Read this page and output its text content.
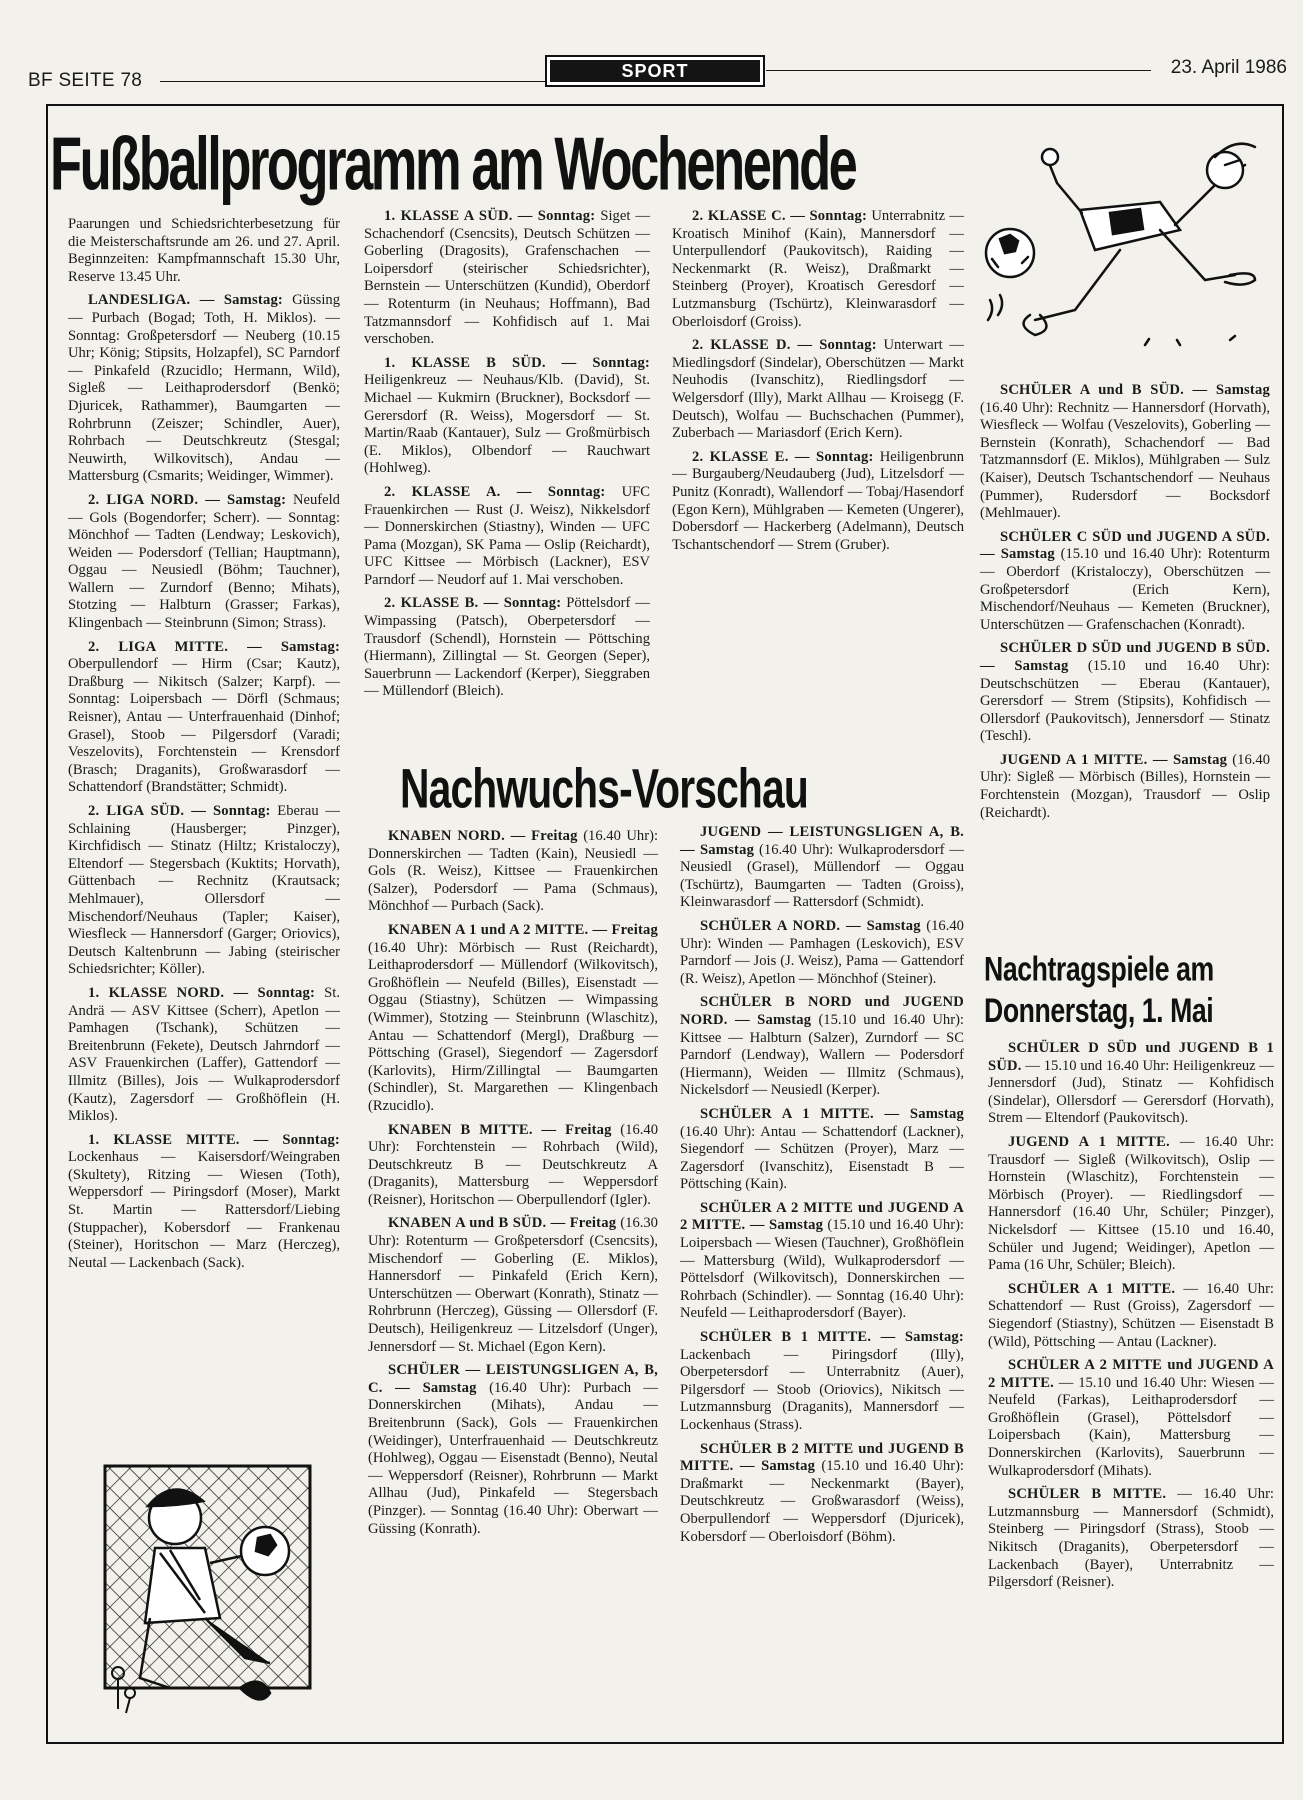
BF SEITE 78	SPORT	23. April 1986
Fußballprogramm am Wochenende

Paarungen und Schiedsrichterbesetzung für die Meisterschaftsrunde am 26. und 27. April. Beginnzeiten: Kampfmannschaft 15.30 Uhr, Reserve 13.45 Uhr.

LANDESLIGA. — Samstag: Güssing — Purbach (Bogad; Toth, H. Miklos). — Sonntag: Großpetersdorf — Neuberg (10.15 Uhr; König; Stipsits, Holzapfel), SC Parndorf — Pinkafeld (Rzucidlo; Hermann, Wild), Sigleß — Leithaprodersdorf (Benkö; Djuricek, Rathammer), Baumgarten — Rohrbrunn (Zeiszer; Schindler, Auer), Rohrbach — Deutschkreutz (Stesgal; Neuwirth, Wilkovitsch), Andau — Mattersburg (Csmarits; Weidinger, Wimmer).

2. LIGA NORD. — Samstag: Neufeld — Gols (Bogendorfer; Scherr). — Sonntag: Mönchhof — Tadten (Lendway; Leskovich), Weiden — Podersdorf (Tellian; Hauptmann), Oggau — Neusiedl (Böhm; Tauchner), Wallern — Zurndorf (Benno; Mihats), Stotzing — Halbturn (Grasser; Farkas), Klingenbach — Steinbrunn (Simon; Strass).

2. LIGA MITTE. — Samstag: Oberpullendorf — Hirm (Csar; Kautz), Draßburg — Nikitsch (Salzer; Karpf). — Sonntag: Loipersbach — Dörfl (Schmaus; Reisner), Antau — Unterfrauenhaid (Dinhof; Grasel), Stoob — Pilgersdorf (Varadi; Veszelovits), Forchtenstein — Krensdorf (Brasch; Draganits), Großwarasdorf — Schattendorf (Brandstätter; Schmidt).

2. LIGA SÜD. — Sonntag: Eberau — Schlaining (Hausberger; Pinzger), Kirchfidisch — Stinatz (Hiltz; Kristaloczy), Eltendorf — Stegersbach (Kuktits; Horvath), Güttenbach — Rechnitz (Krautsack; Mehlmauer), Ollersdorf — Mischendorf/Neuhaus (Tapler; Kaiser), Wiesfleck — Hannersdorf (Garger; Oriovics), Deutsch Kaltenbrunn — Jabing (steirischer Schiedsrichter; Köller).

1. KLASSE NORD. — Sonntag: St. Andrä — ASV Kittsee (Scherr), Apetlon — Pamhagen (Tschank), Schützen — Breitenbrunn (Fekete), Deutsch Jahrndorf — ASV Frauenkirchen (Laffer), Gattendorf — Illmitz (Billes), Jois — Wulkaprodersdorf (Kautz), Zagersdorf — Großhöflein (H. Miklos).

1. KLASSE MITTE. — Sonntag: Lockenhaus — Kaisersdorf/Weingraben (Skultety), Ritzing — Wiesen (Toth), Weppersdorf — Piringsdorf (Moser), Markt St. Martin — Rattersdorf/Liebing (Stuppacher), Kobersdorf — Frankenau (Steiner), Horitschon — Marz (Herczeg), Neutal — Lackenbach (Sack).

1. KLASSE A SÜD. — Sonntag: Siget — Schachendorf (Csencsits), Deutsch Schützen — Goberling (Dragosits), Grafenschachen — Loipersdorf (steirischer Schiedsrichter), Bernstein — Unterschützen (Kundid), Oberdorf — Rotenturm (in Neuhaus; Hoffmann), Bad Tatzmannsdorf — Kohfidisch auf 1. Mai verschoben.

1. KLASSE B SÜD. — Sonntag: Heiligenkreuz — Neuhaus/Klb. (David), St. Michael — Kukmirn (Bruckner), Bocksdorf — Gerersdorf (R. Weiss), Mogersdorf — St. Martin/Raab (Kantauer), Sulz — Großmürbisch (E. Miklos), Olbendorf — Rauchwart (Hohlweg).

2. KLASSE A. — Sonntag: UFC Frauenkirchen — Rust (J. Weisz), Nikkelsdorf — Donnerskirchen (Stiastny), Winden — UFC Pama (Mozgan), SK Pama — Oslip (Reichardt), UFC Kittsee — Mörbisch (Lackner), ESV Parndorf — Neudorf auf 1. Mai verschoben.

2. KLASSE B. — Sonntag: Pöttelsdorf — Wimpassing (Patsch), Oberpetersdorf — Trausdorf (Schendl), Hornstein — Pöttsching (Hiermann), Zillingtal — St. Georgen (Seper), Sauerbrunn — Lackendorf (Kerper), Sieggraben — Müllendorf (Bleich).

2. KLASSE C. — Sonntag: Unterrabnitz — Kroatisch Minihof (Kain), Mannersdorf — Unterpullendorf (Paukovitsch), Raiding — Neckenmarkt (R. Weisz), Draßmarkt — Steinberg (Proyer), Kroatisch Geresdorf — Lutzmansburg (Tschürtz), Kleinwarasdorf — Oberloisdorf (Groiss).

2. KLASSE D. — Sonntag: Unterwart — Miedlingsdorf (Sindelar), Oberschützen — Markt Neuhodis (Ivanschitz), Riedlingsdorf — Welgersdorf (Illy), Markt Allhau — Kroisegg (F. Deutsch), Wolfau — Buchschachen (Pummer), Zuberbach — Mariasdorf (Erich Kern).

2. KLASSE E. — Sonntag: Heiligenbrunn — Burgauberg/Neudauberg (Jud), Litzelsdorf — Punitz (Konradt), Wallendorf — Tobaj/Hasendorf (Egon Kern), Mühlgraben — Kemeten (Ungerer), Dobersdorf — Hackerberg (Adelmann), Deutsch Tschantschendorf — Strem (Gruber).

SCHÜLER A und B SÜD. — Samstag (16.40 Uhr): Rechnitz — Hannersdorf (Horvath), Wiesfleck — Wolfau (Veszelovits), Goberling — Bernstein (Konrath), Schachendorf — Bad Tatzmannsdorf (E. Miklos), Mühlgraben — Sulz (Kaiser), Deutsch Tschantschendorf — Neuhaus (Pummer), Rudersdorf — Bocksdorf (Mehlmauer).

SCHÜLER C SÜD und JUGEND A SÜD. — Samstag (15.10 und 16.40 Uhr): Rotenturm — Oberdorf (Kristaloczy), Oberschützen — Großpetersdorf (Erich Kern), Mischendorf/Neuhaus — Kemeten (Bruckner), Unterschützen — Grafenschachen (Konradt).

SCHÜLER D SÜD und JUGEND B SÜD. — Samstag (15.10 und 16.40 Uhr): Deutschschützen — Eberau (Kantauer), Gerersdorf — Strem (Stipsits), Kohfidisch — Ollersdorf (Paukovitsch), Jennersdorf — Stinatz (Teschl).

JUGEND A 1 MITTE. — Samstag (16.40 Uhr): Sigleß — Mörbisch (Billes), Hornstein — Forchtenstein (Mozgan), Trausdorf — Oslip (Reichardt).

Nachwuchs-Vorschau

KNABEN NORD. — Freitag (16.40 Uhr): Donnerskirchen — Tadten (Kain), Neusiedl — Gols (R. Weisz), Kittsee — Frauenkirchen (Salzer), Podersdorf — Pama (Schmaus), Mönchhof — Purbach (Sack).

KNABEN A 1 und A 2 MITTE. — Freitag (16.40 Uhr): Mörbisch — Rust (Reichardt), Leithaprodersdorf — Müllendorf (Wilkovitsch), Großhöflein — Neufeld (Billes), Eisenstadt — Oggau (Stiastny), Schützen — Wimpassing (Wimmer), Stotzing — Steinbrunn (Wlaschitz), Antau — Schattendorf (Mergl), Draßburg — Pöttsching (Grasel), Siegendorf — Zagersdorf (Karlovits), Hirm/Zillingtal — Baumgarten (Schindler), St. Margarethen — Klingenbach (Rzucidlo).

KNABEN B MITTE. — Freitag (16.40 Uhr): Forchtenstein — Rohrbach (Wild), Deutschkreutz B — Deutschkreutz A (Draganits), Mattersburg — Weppersdorf (Reisner), Horitschon — Oberpullendorf (Igler).

KNABEN A und B SÜD. — Freitag (16.30 Uhr): Rotenturm — Großpetersdorf (Csencsits), Mischendorf — Goberling (E. Miklos), Hannersdorf — Pinkafeld (Erich Kern), Unterschützen — Oberwart (Konrath), Stinatz — Rohrbrunn (Herczeg), Güssing — Ollersdorf (F. Deutsch), Heiligenkreuz — Litzelsdorf (Unger), Jennersdorf — St. Michael (Egon Kern).

SCHÜLER — LEISTUNGSLIGEN A, B, C. — Samstag (16.40 Uhr): Purbach — Donnerskirchen (Mihats), Andau — Breitenbrunn (Sack), Gols — Frauenkirchen (Weidinger), Unterfrauenhaid — Deutschkreutz (Hohlweg), Oggau — Eisenstadt (Benno), Neutal — Weppersdorf (Reisner), Rohrbrunn — Markt Allhau (Jud), Pinkafeld — Stegersbach (Pinzger). — Sonntag (16.40 Uhr): Oberwart — Güssing (Konrath).

JUGEND — LEISTUNGSLIGEN A, B. — Samstag (16.40 Uhr): Wulkaprodersdorf — Neusiedl (Grasel), Müllendorf — Oggau (Tschürtz), Baumgarten — Tadten (Groiss), Kleinwarasdorf — Rattersdorf (Schmidt).

SCHÜLER A NORD. — Samstag (16.40 Uhr): Winden — Pamhagen (Leskovich), ESV Parndorf — Jois (J. Weisz), Pama — Gattendorf (R. Weisz), Apetlon — Mönchhof (Steiner).

SCHÜLER B NORD und JUGEND NORD. — Samstag (15.10 und 16.40 Uhr): Kittsee — Halbturn (Salzer), Zurndorf — SC Parndorf (Lendway), Wallern — Podersdorf (Hiermann), Weiden — Illmitz (Schmaus), Nickelsdorf — Neusiedl (Kerper).

SCHÜLER A 1 MITTE. — Samstag (16.40 Uhr): Antau — Schattendorf (Lackner), Siegendorf — Schützen (Proyer), Marz — Zagersdorf (Ivanschitz), Eisenstadt B — Pöttsching (Kain).

SCHÜLER A 2 MITTE und JUGEND A 2 MITTE. — Samstag (15.10 und 16.40 Uhr): Loipersbach — Wiesen (Tauchner), Großhöflein — Mattersburg (Wild), Wulkaprodersdorf — Pöttelsdorf (Wilkovitsch), Donnerskirchen — Rohrbach (Schindler). — Sonntag (16.40 Uhr): Neufeld — Leithaprodersdorf (Bayer).

SCHÜLER B 1 MITTE. — Samstag: Lackenbach — Piringsdorf (Illy), Oberpetersdorf — Unterrabnitz (Auer), Pilgersdorf — Stoob (Oriovics), Nikitsch — Lutzmannsburg (Draganits), Mannersdorf — Lockenhaus (Strass).

SCHÜLER B 2 MITTE und JUGEND B MITTE. — Samstag (15.10 und 16.40 Uhr): Draßmarkt — Neckenmarkt (Bayer), Deutschkreutz — Großwarasdorf (Weiss), Oberpullendorf — Weppersdorf (Djuricek), Kobersdorf — Oberloisdorf (Böhm).

Nachtragspiele am Donnerstag, 1. Mai

SCHÜLER D SÜD und JUGEND B 1 SÜD. — 15.10 und 16.40 Uhr: Heiligenkreuz — Jennersdorf (Jud), Stinatz — Kohfidisch (Sindelar), Ollersdorf — Gerersdorf (Horvath), Strem — Eltendorf (Paukovitsch).

JUGEND A 1 MITTE. — 16.40 Uhr: Trausdorf — Sigleß (Wilkovitsch), Oslip — Hornstein (Wlaschitz), Forchtenstein — Mörbisch (Proyer). — Riedlingsdorf — Hannersdorf (16.40 Uhr, Schüler; Pinzger), Nickelsdorf — Kittsee (15.10 und 16.40, Schüler und Jugend; Weidinger), Apetlon — Pama (16 Uhr, Schüler; Bleich).

SCHÜLER A 1 MITTE. — 16.40 Uhr: Schattendorf — Rust (Groiss), Zagersdorf — Siegendorf (Stiastny), Schützen — Eisenstadt B (Wild), Pöttsching — Antau (Lackner).

SCHÜLER A 2 MITTE und JUGEND A 2 MITTE. — 15.10 und 16.40 Uhr: Wiesen — Neufeld (Farkas), Leithaprodersdorf — Großhöflein (Grasel), Pöttelsdorf — Loipersbach (Kain), Mattersburg — Donnerskirchen (Karlovits), Sauerbrunn — Wulkaprodersdorf (Mihats).

SCHÜLER B MITTE. — 16.40 Uhr: Lutzmannsburg — Mannersdorf (Schmidt), Steinberg — Piringsdorf (Strass), Stoob — Nikitsch (Draganits), Oberpetersdorf — Lackenbach (Bayer), Unterrabnitz — Pilgersdorf (Reisner).
